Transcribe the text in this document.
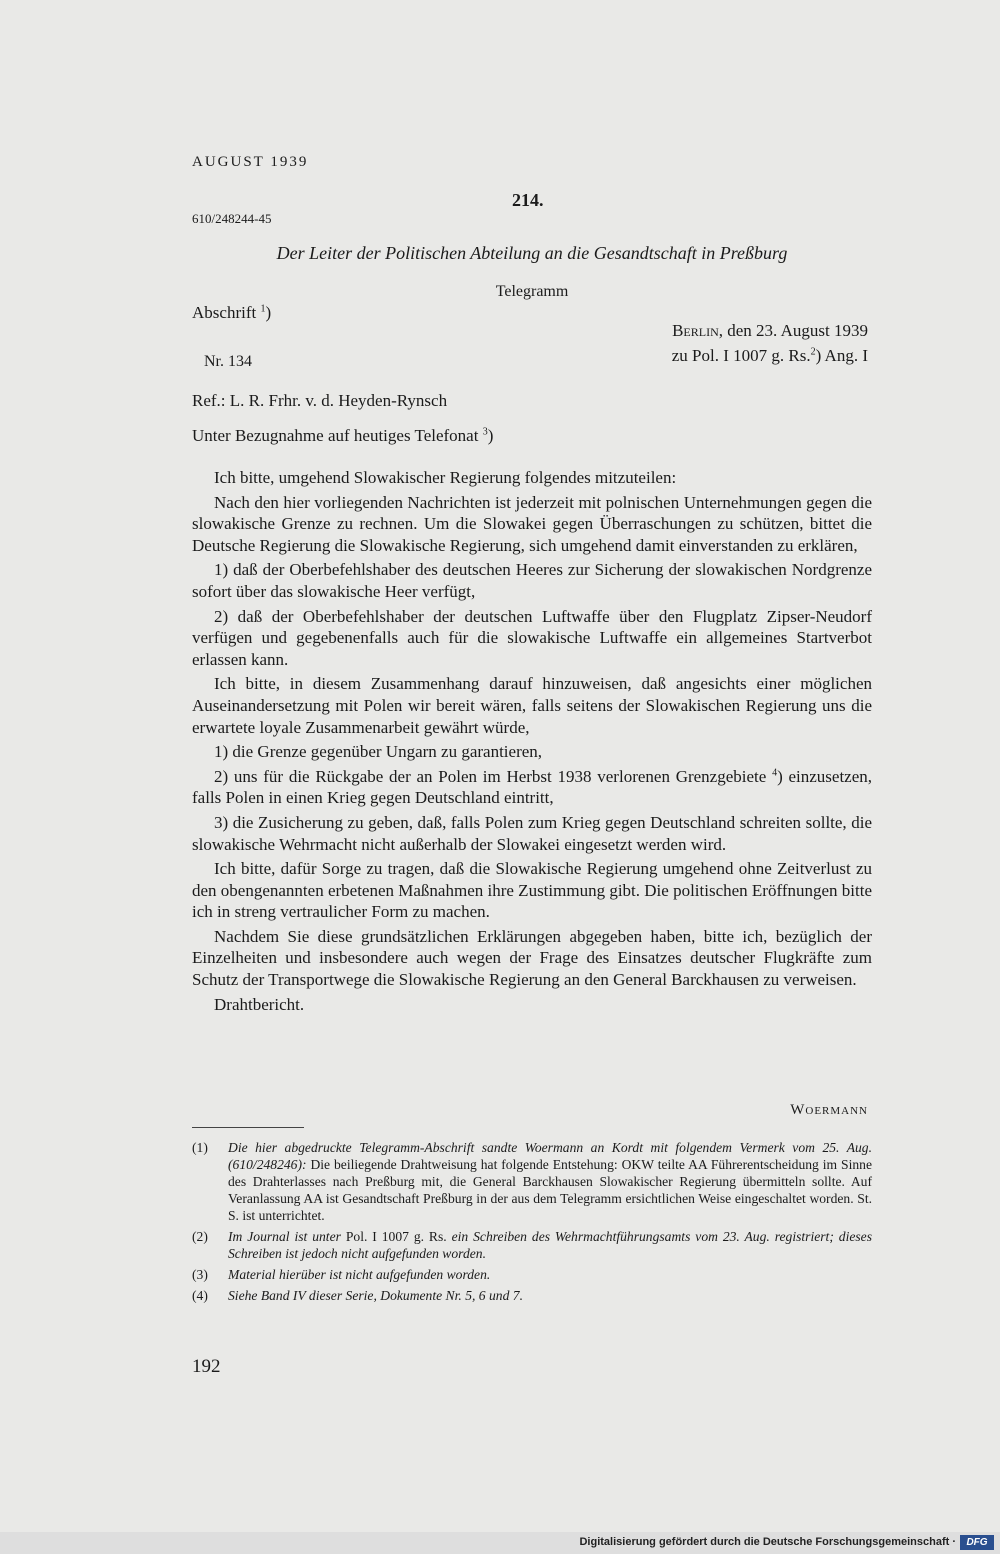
AUGUST 1939
214.
610/248244-45
Der Leiter der Politischen Abteilung an die Gesandtschaft in Preßburg
Telegramm
Abschrift $^1$)
Berlin, den 23. August 1939
zu Pol. I 1007 g. Rs.$^2$) Ang. I
Nr. 134
Ref.: L. R. Frhr. v. d. Heyden-Rynsch
Unter Bezugnahme auf heutiges Telefonat $^3$)

Ich bitte, umgehend Slowakischer Regierung folgendes mitzuteilen:

Nach den hier vorliegenden Nachrichten ist jederzeit mit polnischen Unternehmungen gegen die slowakische Grenze zu rechnen. Um die Slowakei gegen Überraschungen zu schützen, bittet die Deutsche Regierung die Slowakische Regierung, sich umgehend damit einverstanden zu erklären,

1) daß der Oberbefehlshaber des deutschen Heeres zur Sicherung der slowakischen Nordgrenze sofort über das slowakische Heer verfügt,

2) daß der Oberbefehlshaber der deutschen Luftwaffe über den Flugplatz Zipser-Neudorf verfügen und gegebenenfalls auch für die slowakische Luftwaffe ein allgemeines Startverbot erlassen kann.

Ich bitte, in diesem Zusammenhang darauf hinzuweisen, daß angesichts einer möglichen Auseinandersetzung mit Polen wir bereit wären, falls seitens der Slowakischen Regierung uns die erwartete loyale Zusammenarbeit gewährt würde,

1) die Grenze gegenüber Ungarn zu garantieren,

2) uns für die Rückgabe der an Polen im Herbst 1938 verlorenen Grenzgebiete $^4$) einzusetzen, falls Polen in einen Krieg gegen Deutschland eintritt,

3) die Zusicherung zu geben, daß, falls Polen zum Krieg gegen Deutschland schreiten sollte, die slowakische Wehrmacht nicht außerhalb der Slowakei eingesetzt werden wird.

Ich bitte, dafür Sorge zu tragen, daß die Slowakische Regierung umgehend ohne Zeitverlust zu den obengenannten erbetenen Maßnahmen ihre Zustimmung gibt. Die politischen Eröffnungen bitte ich in streng vertraulicher Form zu machen.

Nachdem Sie diese grundsätzlichen Erklärungen abgegeben haben, bitte ich, bezüglich der Einzelheiten und insbesondere auch wegen der Frage des Einsatzes deutscher Flugkräfte zum Schutz der Transportwege die Slowakische Regierung an den General Barckhausen zu verweisen.

Drahtbericht.

Woermann
(1)	Die hier abgedruckte Telegramm-Abschrift sandte Woermann an Kordt mit folgendem Vermerk vom 25. Aug. (610/248246): Die beiliegende Drahtweisung hat folgende Entstehung: OKW teilte AA Führerentscheidung im Sinne des Drahterlasses nach Preßburg mit, die General Barckhausen Slowakischer Regierung übermitteln sollte. Auf Veranlassung AA ist Gesandtschaft Preßburg in der aus dem Telegramm ersichtlichen Weise eingeschaltet worden. St. S. ist unterrichtet.
(2)	Im Journal ist unter Pol. I 1007 g. Rs. ein Schreiben des Wehrmachtführungsamts vom 23. Aug. registriert; dieses Schreiben ist jedoch nicht aufgefunden worden.
(3)	Material hierüber ist nicht aufgefunden worden.
(4)	Siehe Band IV dieser Serie, Dokumente Nr. 5, 6 und 7.
192
Digitalisierung gefördert durch die Deutsche Forschungsgemeinschaft ·	DFG
